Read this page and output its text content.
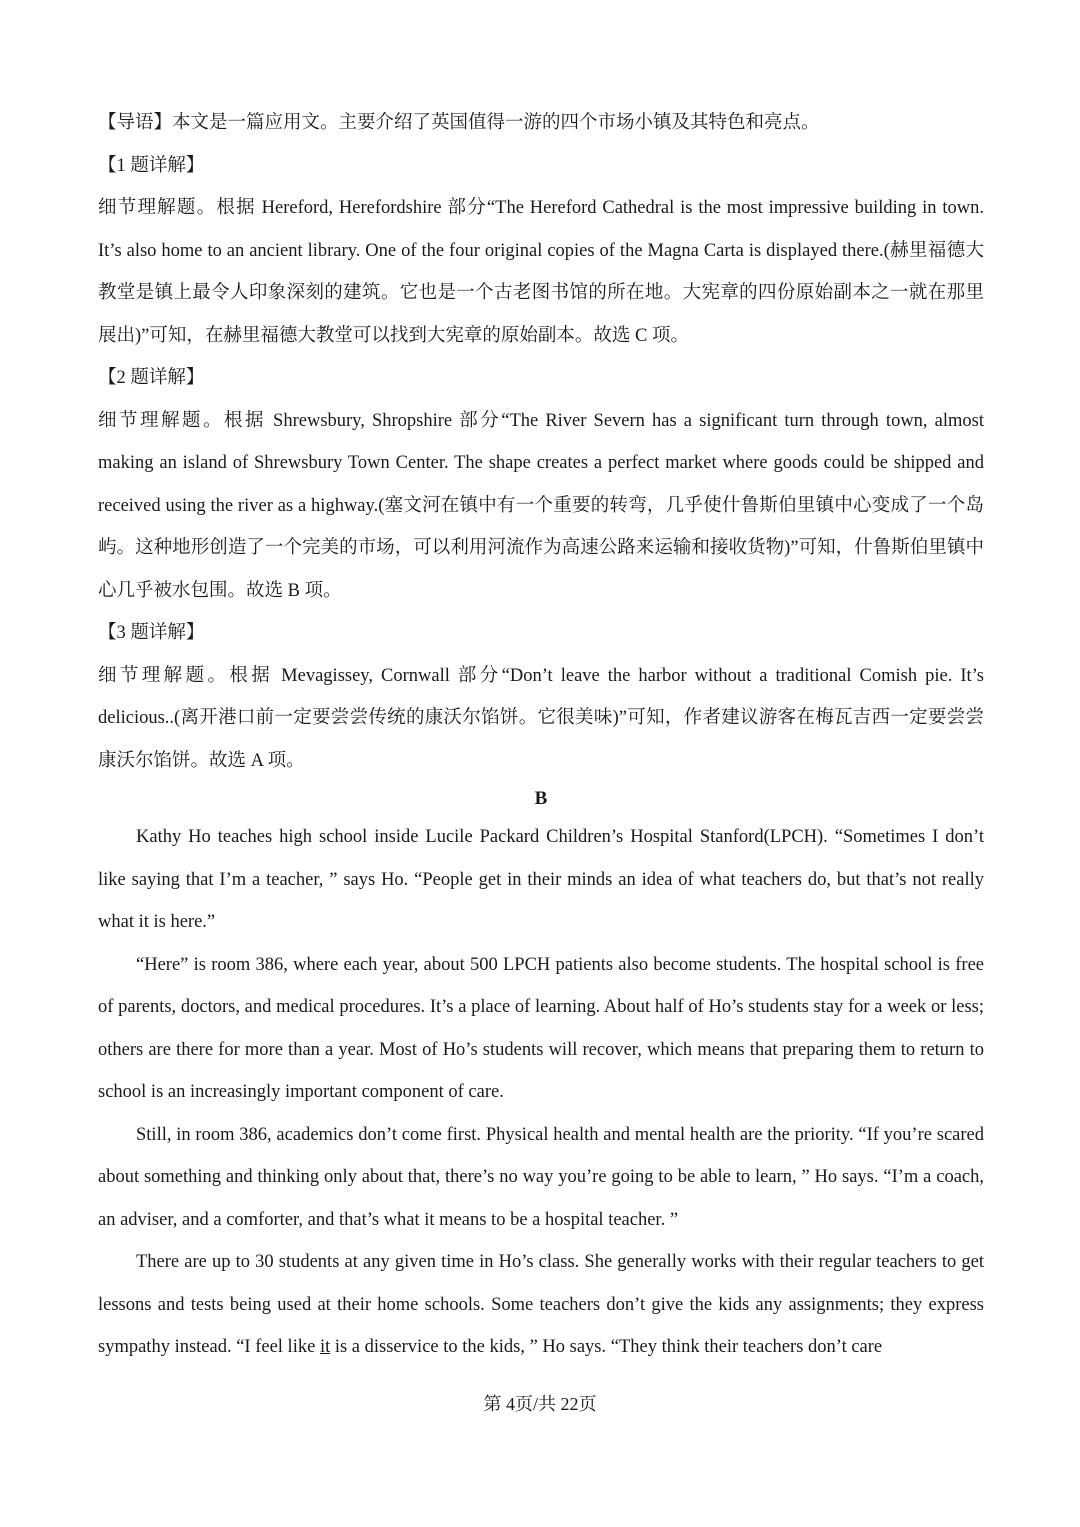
【导语】本文是一篇应用文。主要介绍了英国值得一游的四个市场小镇及其特色和亮点。

【1 题详解】

细节理解题。根据 Hereford, Herefordshire 部分“The Hereford Cathedral is the most impressive building in town. It’s also home to an ancient library. One of the four original copies of the Magna Carta is displayed there.(赫里福德大教堂是镇上最令人印象深刻的建筑。它也是一个古老图书馆的所在地。大宪章的四份原始副本之一就在那里展出)”可知，在赫里福德大教堂可以找到大宪章的原始副本。故选 C 项。

【2 题详解】

细节理解题。根据 Shrewsbury, Shropshire 部分“The River Severn has a significant turn through town, almost making an island of Shrewsbury Town Center. The shape creates a perfect market where goods could be shipped and received using the river as a highway.(塞文河在镇中有一个重要的转弯，几乎使什鲁斯伯里镇中心变成了一个岛屿。这种地形创造了一个完美的市场，可以利用河流作为高速公路来运输和接收货物)”可知，什鲁斯伯里镇中心几乎被水包围。故选 B 项。

【3 题详解】

细节理解题。根据 Mevagissey, Cornwall 部分“Don’t leave the harbor without a traditional Comish pie. It’s delicious..(离开港口前一定要尝尝传统的康沃尔馅饼。它很美味)”可知，作者建议游客在梅瓦吉西一定要尝尝康沃尔馅饼。故选 A 项。

B

Kathy Ho teaches high school inside Lucile Packard Children’s Hospital Stanford(LPCH). “Sometimes I don’t like saying that I’m a teacher, ” says Ho. “People get in their minds an idea of what teachers do, but that’s not really what it is here.”

“Here” is room 386, where each year, about 500 LPCH patients also become students. The hospital school is free of parents, doctors, and medical procedures. It’s a place of learning. About half of Ho’s students stay for a week or less; others are there for more than a year. Most of Ho’s students will recover, which means that preparing them to return to school is an increasingly important component of care.

Still, in room 386, academics don’t come first. Physical health and mental health are the priority. “If you’re scared about something and thinking only about that, there’s no way you’re going to be able to learn, ” Ho says. “I’m a coach, an adviser, and a comforter, and that’s what it means to be a hospital teacher. ”

There are up to 30 students at any given time in Ho’s class. She generally works with their regular teachers to get lessons and tests being used at their home schools. Some teachers don’t give the kids any assignments; they express sympathy instead. “I feel like it is a disservice to the kids, ” Ho says. “They think their teachers don’t care

第 4页/共 22页
